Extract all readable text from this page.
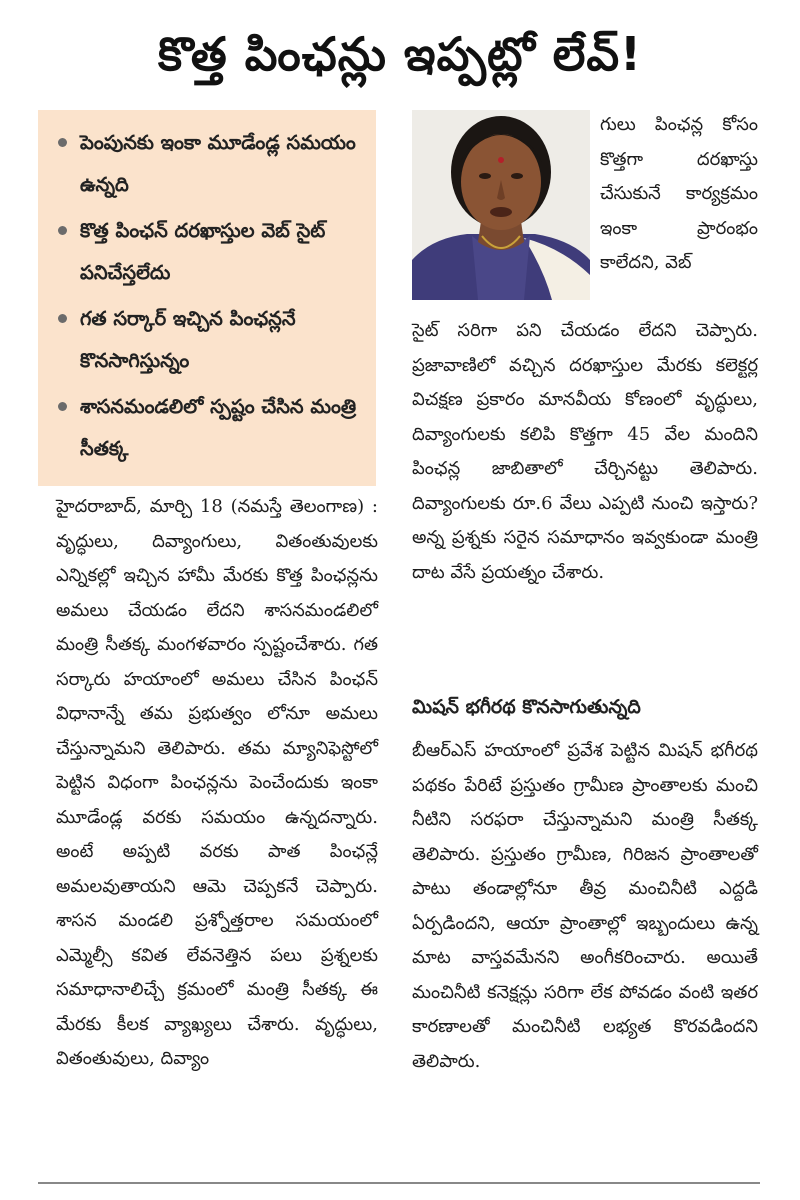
కొత్త పింఛన్లు ఇప్పట్లో లేవ్!
పెంపునకు ఇంకా మూడేండ్ల సమయం ఉన్నది
కొత్త పింఛన్ దరఖాస్తుల వెబ్ సైట్ పనిచేస్తలేదు
గత సర్కార్ ఇచ్చిన పింఛన్లనే కొనసాగిస్తున్నం
శాసనమండలిలో స్పష్టం చేసిన మంత్రి సీతక్క

హైదరాబాద్, మార్చి 18 (నమస్తే తెలంగాణ) : వృద్ధులు, దివ్యాంగులు, వితంతువులకు ఎన్నికల్లో ఇచ్చిన హామీ మేరకు కొత్త పింఛన్లను అమలు చేయడం లేదని శాసనమండలిలో మంత్రి సీతక్క మంగళవారం స్పష్టంచేశారు. గత సర్కారు హయాంలో అమలు చేసిన పింఛన్ విధానాన్నే తమ ప్రభుత్వం లోనూ అమలు చేస్తున్నామని తెలిపారు. తమ మ్యానిఫెస్టోలో పెట్టిన విధంగా పింఛన్లను పెంచేందుకు ఇంకా మూడేండ్ల వరకు సమయం ఉన్నదన్నారు. అంటే అప్పటి వరకు పాత పింఛన్లే అమలవుతాయని ఆమె చెప్పకనే చెప్పారు. శాసన మండలి ప్రశ్నోత్తరాల సమయంలో ఎమ్మెల్సీ కవిత లేవనెత్తిన పలు ప్రశ్నలకు సమాధానాలిచ్చే క్రమంలో మంత్రి సీతక్క ఈ మేరకు కీలక వ్యాఖ్యలు చేశారు. వృద్ధులు, వితంతువులు, దివ్యాం

గులు పింఛన్ల కోసం కొత్తగా దరఖాస్తు చేసుకునే కార్యక్రమం ఇంకా ప్రారంభం కాలేదని, వెబ్

సైట్ సరిగా పని చేయడం లేదని చెప్పారు. ప్రజావాణిలో వచ్చిన దరఖాస్తుల మేరకు కలెక్టర్ల విచక్షణ ప్రకారం మానవీయ కోణంలో వృద్ధులు, దివ్యాంగులకు కలిపి కొత్తగా 45 వేల మందిని పింఛన్ల జాబితాలో చేర్చినట్టు తెలిపారు. దివ్యాంగులకు రూ.6 వేలు ఎప్పటి నుంచి ఇస్తారు? అన్న ప్రశ్నకు సరైన సమాధానం ఇవ్వకుండా మంత్రి దాట వేసే ప్రయత్నం చేశారు.

మిషన్ భగీరథ కొనసాగుతున్నది

బీఆర్ఎస్ హయాంలో ప్రవేశ పెట్టిన మిషన్ భగీరథ పథకం పేరిటే ప్రస్తుతం గ్రామీణ ప్రాంతాలకు మంచి నీటిని సరఫరా చేస్తున్నామని మంత్రి సీతక్క తెలిపారు. ప్రస్తుతం గ్రామీణ, గిరిజన ప్రాంతాలతో పాటు తండాల్లోనూ తీవ్ర మంచినీటి ఎద్దడి ఏర్పడిందని, ఆయా ప్రాంతాల్లో ఇబ్బందులు ఉన్న మాట వాస్తవమేనని అంగీకరించారు. అయితే మంచినీటి కనెక్షన్లు సరిగా లేక పోవడం వంటి ఇతర కారణాలతో మంచినీటి లభ్యత కొరవడిందని తెలిపారు.
